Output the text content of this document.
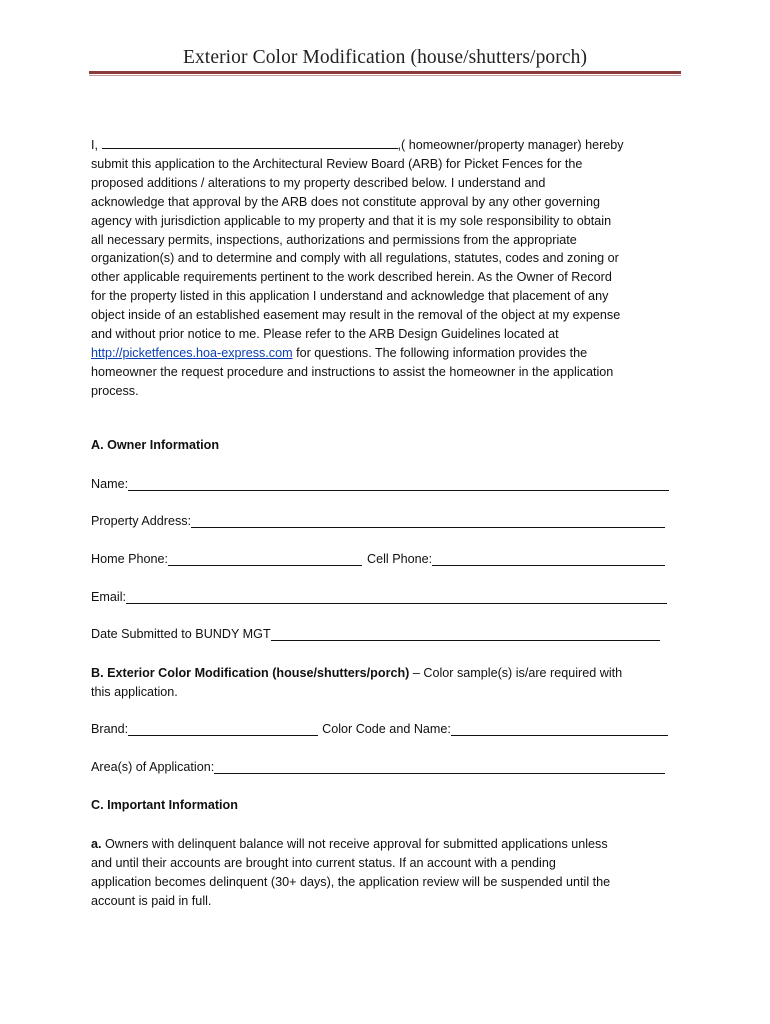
Exterior Color Modification (house/shutters/porch)
I,	,( homeowner/property manager) hereby
submit this application to the Architectural Review Board (ARB) for Picket Fences for the
proposed additions / alterations to my property described below. I understand and
acknowledge that approval by the ARB does not constitute approval by any other governing
agency with jurisdiction applicable to my property and that it is my sole responsibility to obtain
all necessary permits, inspections, authorizations and permissions from the appropriate
organization(s) and to determine and comply with all regulations, statutes, codes and zoning or
other applicable requirements pertinent to the work described herein. As the Owner of Record
for the property listed in this application I understand and acknowledge that placement of any
object inside of an established easement may result in the removal of the object at my expense
and without prior notice to me. Please refer to the ARB Design Guidelines located at
http://picketfences.hoa-express.com for questions. The following information provides the
homeowner the request procedure and instructions to assist the homeowner in the application
process.
A. Owner Information
Name:
Property Address:
Home Phone:	Cell Phone:
Email:
Date Submitted to BUNDY MGT
B. Exterior Color Modification (house/shutters/porch) – Color sample(s) is/are required with
this application.
Brand:	Color Code and Name:
Area(s) of Application:
C. Important Information
a. Owners with delinquent balance will not receive approval for submitted applications unless
and until their accounts are brought into current status. If an account with a pending
application becomes delinquent (30+ days), the application review will be suspended until the
account is paid in full.
